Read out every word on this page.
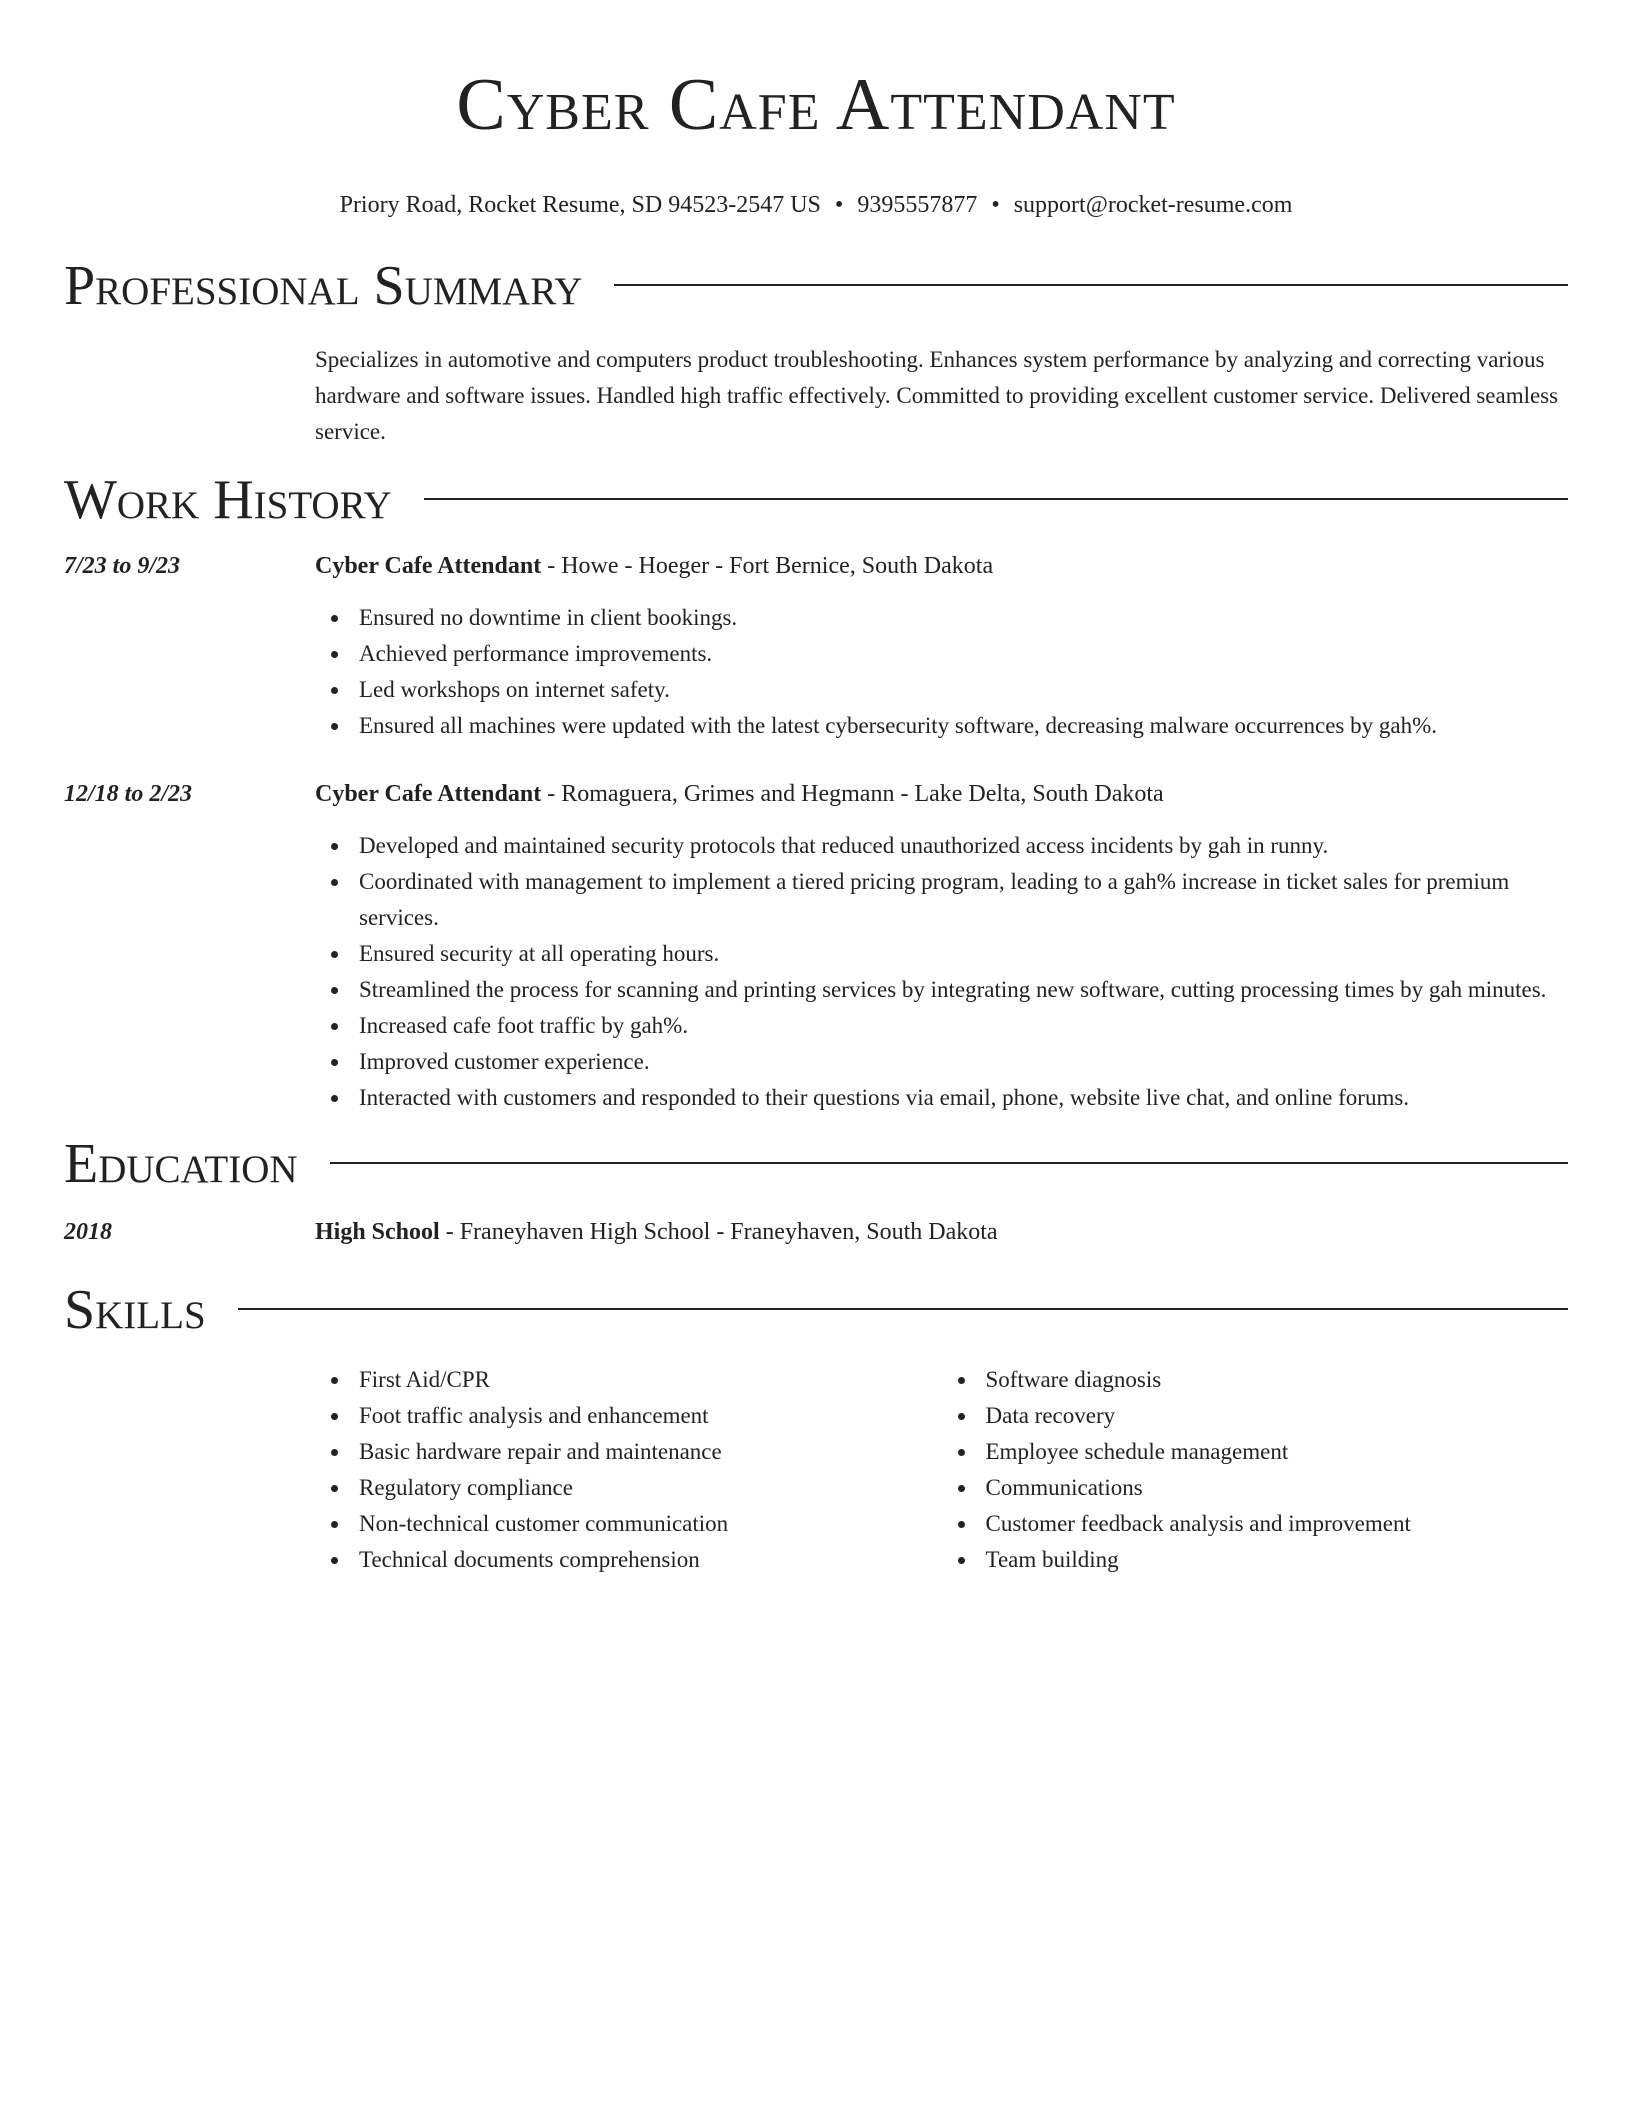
Cyber Cafe Attendant
Priory Road, Rocket Resume, SD 94523-2547 US • 9395557877 • support@rocket-resume.com
Professional Summary
Specializes in automotive and computers product troubleshooting. Enhances system performance by analyzing and correcting various hardware and software issues. Handled high traffic effectively. Committed to providing excellent customer service. Delivered seamless service.
Work History
7/23 to 9/23	Cyber Cafe Attendant - Howe - Hoeger - Fort Bernice, South Dakota
Ensured no downtime in client bookings.
Achieved performance improvements.
Led workshops on internet safety.
Ensured all machines were updated with the latest cybersecurity software, decreasing malware occurrences by gah%.
12/18 to 2/23	Cyber Cafe Attendant - Romaguera, Grimes and Hegmann - Lake Delta, South Dakota
Developed and maintained security protocols that reduced unauthorized access incidents by gah in runny.
Coordinated with management to implement a tiered pricing program, leading to a gah% increase in ticket sales for premium services.
Ensured security at all operating hours.
Streamlined the process for scanning and printing services by integrating new software, cutting processing times by gah minutes.
Increased cafe foot traffic by gah%.
Improved customer experience.
Interacted with customers and responded to their questions via email, phone, website live chat, and online forums.
Education
2018	High School - Franeyhaven High School - Franeyhaven, South Dakota
Skills
First Aid/CPR
Foot traffic analysis and enhancement
Basic hardware repair and maintenance
Regulatory compliance
Non-technical customer communication
Technical documents comprehension
Software diagnosis
Data recovery
Employee schedule management
Communications
Customer feedback analysis and improvement
Team building
